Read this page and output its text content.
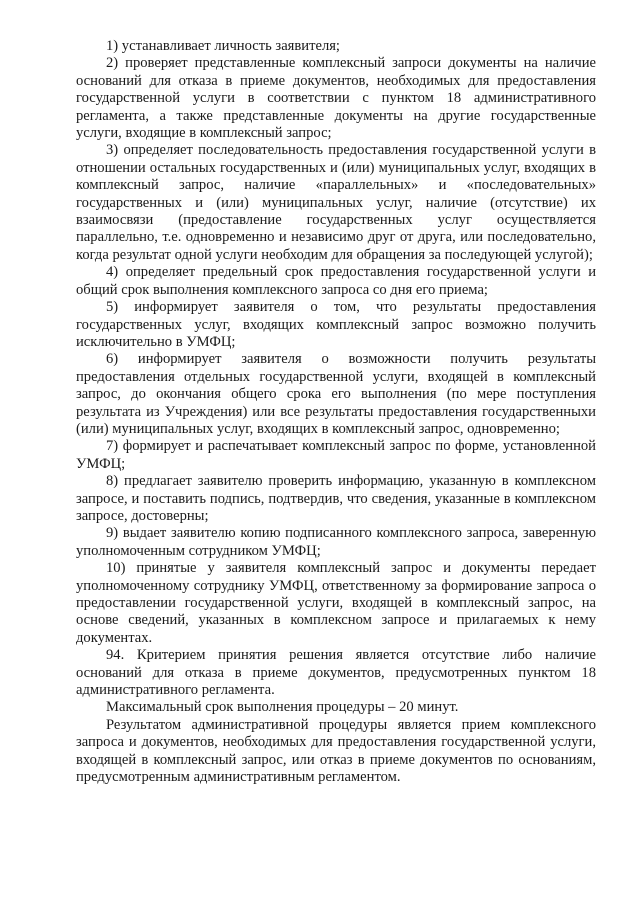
1) устанавливает личность заявителя;

2) проверяет представленные комплексный запроси документы на наличие оснований для отказа в приеме документов, необходимых для предоставления государственной услуги в соответствии с пунктом 18 административного регламента, а также представленные документы на другие государственные услуги, входящие в комплексный запрос;

3) определяет последовательность предоставления государственной услуги в отношении остальных государственных и (или) муниципальных услуг, входящих в комплексный запрос, наличие «параллельных» и «последовательных» государственных и (или) муниципальных услуг, наличие (отсутствие) их взаимосвязи (предоставление государственных услуг осуществляется параллельно, т.е. одновременно и независимо друг от друга, или последовательно, когда результат одной услуги необходим для обращения за последующей услугой);

4) определяет предельный срок предоставления государственной услуги и общий срок выполнения комплексного запроса со дня его приема;

5) информирует заявителя о том, что результаты предоставления государственных услуг, входящих комплексный запрос возможно получить исключительно в УМФЦ;

6) информирует заявителя о возможности получить результаты предоставления отдельных государственной услуги, входящей в комплексный запрос, до окончания общего срока его выполнения (по мере поступления результата из Учреждения) или все результаты предоставления государственныхи (или) муниципальных услуг, входящих в комплексный запрос, одновременно;

7) формирует и распечатывает комплексный запрос по форме, установленной УМФЦ;

8) предлагает заявителю проверить информацию, указанную в комплексном запросе, и поставить подпись, подтвердив, что сведения, указанные в комплексном запросе, достоверны;

9) выдает заявителю копию подписанного комплексного запроса, заверенную уполномоченным сотрудником УМФЦ;

10) принятые у заявителя комплексный запрос и документы передает уполномоченному сотруднику УМФЦ, ответственному за формирование запроса о предоставлении государственной услуги, входящей в комплексный запрос, на основе сведений, указанных в комплексном запросе и прилагаемых к нему документах.

94. Критерием принятия решения является отсутствие либо наличие оснований для отказа в приеме документов, предусмотренных пунктом 18 административного регламента.

Максимальный срок выполнения процедуры – 20 минут.

Результатом административной процедуры является прием комплексного запроса и документов, необходимых для предоставления государственной услуги, входящей в комплексный запрос, или отказ в приеме документов по основаниям, предусмотренным административным регламентом.
